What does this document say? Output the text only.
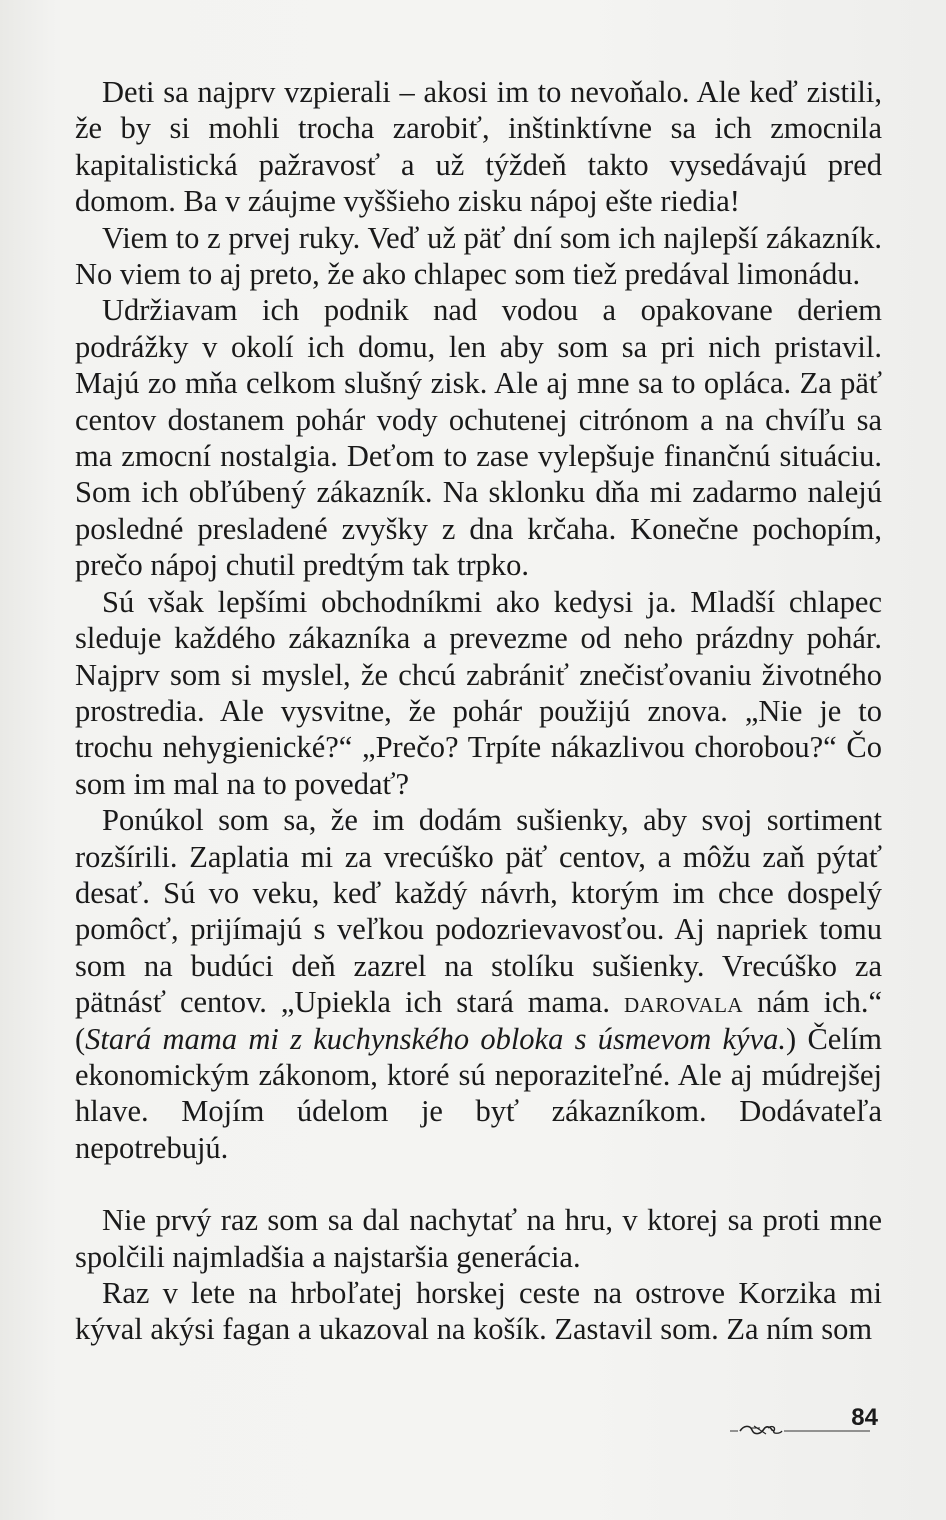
Deti sa najprv vzpierali – akosi im to nevoňalo. Ale keď zistili, že by si mohli trocha zarobiť, inštinktívne sa ich zmocnila kapitalistická pažravosť a už týždeň takto vysedávajú pred domom. Ba v záujme vyššieho zisku nápoj ešte riedia!

Viem to z prvej ruky. Veď už päť dní som ich najlepší zákazník. No viem to aj preto, že ako chlapec som tiež predával limonádu.

Udržiavam ich podnik nad vodou a opakovane deriem podrážky v okolí ich domu, len aby som sa pri nich pristavil. Majú zo mňa celkom slušný zisk. Ale aj mne sa to opláca. Za päť centov dostanem pohár vody ochutenej citrónom a na chvíľu sa ma zmocní nostalgia. Deťom to zase vylepšuje finančnú situáciu. Som ich obľúbený zákazník. Na sklonku dňa mi zadarmo nalejú posledné presladené zvyšky z dna krčaha. Konečne pochopím, prečo nápoj chutil predtým tak trpko.

Sú však lepšími obchodníkmi ako kedysi ja. Mladší chlapec sleduje každého zákazníka a prevezme od neho prázdny pohár. Najprv som si myslel, že chcú zabrániť znečisťovaniu životného prostredia. Ale vysvitne, že pohár použijú znova. „Nie je to trochu nehygienické?“ „Prečo? Trpíte nákazlivou chorobou?“ Čo som im mal na to povedať?

Ponúkol som sa, že im dodám sušienky, aby svoj sortiment rozšírili. Zaplatia mi za vrecúško päť centov, a môžu zaň pýtať desať. Sú vo veku, keď každý návrh, ktorým im chce dospelý pomôcť, prijímajú s veľkou podozrievavosťou. Aj napriek tomu som na budúci deň zazrel na stolíku sušienky. Vrecúško za pätnásť centov. „Upiekla ich stará mama. darovala nám ich.“ (Stará mama mi z kuchynského obloka s úsmevom kýva.) Čelím ekonomickým zákonom, ktoré sú neporaziteľné. Ale aj múdrejšej hlave. Mojím údelom je byť zákazníkom. Dodávateľa nepotrebujú.

Nie prvý raz som sa dal nachytať na hru, v ktorej sa proti mne spolčili najmladšia a najstaršia generácia.

Raz v lete na hrboľatej horskej ceste na ostrove Korzika mi kýval akýsi fagan a ukazoval na košík. Zastavil som. Za ním som

84
